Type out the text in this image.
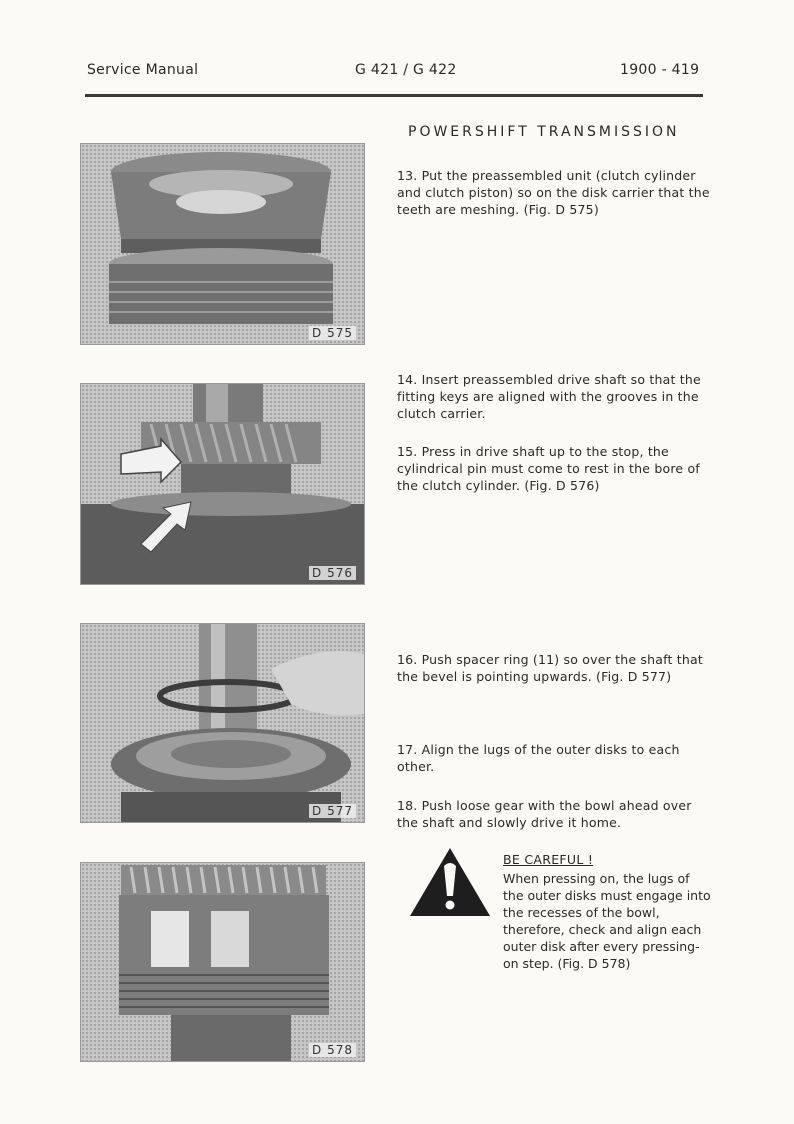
Service Manual	G 421 / G 422	1900 - 419
POWERSHIFT TRANSMISSION
D 575
D 576
D 577
D 578
13. Put the preassembled unit (clutch cylinder and clutch piston) so on the disk carrier that the teeth are meshing. (Fig. D 575)
14. Insert preassembled drive shaft so that the fitting keys are aligned with the grooves in the clutch carrier.
15. Press in drive shaft up to the stop, the cylindrical pin must come to rest in the bore of the clutch cylinder. (Fig. D 576)
16. Push spacer ring (11) so over the shaft that the bevel is pointing upwards. (Fig. D 577)
17. Align the lugs of the outer disks to each other.
18. Push loose gear with the bowl ahead over the shaft and slowly drive it home.
BE CAREFUL !
When pressing on, the lugs of the outer disks must engage into the recesses of the bowl, therefore, check and align each outer disk after every pressing-on step. (Fig. D 578)
